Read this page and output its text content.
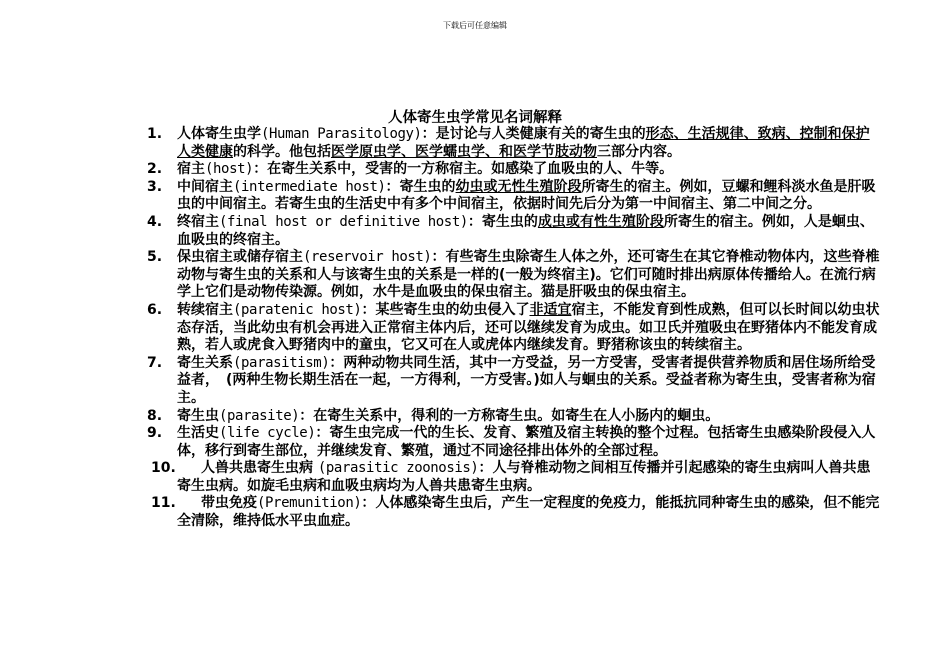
下载后可任意编辑
人体寄生虫学常见名词解释
1.	人体寄生虫学(Human Parasitology)：是讨论与人类健康有关的寄生虫的形态、生活规律、致病、控制和保护人类健康的科学。他包括医学原虫学、医学蠕虫学、和医学节肢动物三部分内容。
2.	宿主(host)：在寄生关系中，受害的一方称宿主。如感染了血吸虫的人、牛等。
3.	中间宿主(intermediate host)：寄生虫的幼虫或无性生殖阶段所寄生的宿主。例如，豆螺和鲤科淡水鱼是肝吸虫的中间宿主。若寄生虫的生活史中有多个中间宿主，依据时间先后分为第一中间宿主、第二中间之分。
4.	终宿主(final host or definitive host)：寄生虫的成虫或有性生殖阶段所寄生的宿主。例如，人是蛔虫、血吸虫的终宿主。
5.	保虫宿主或储存宿主(reservoir host)：有些寄生虫除寄生人体之外，还可寄生在其它脊椎动物体内，这些脊椎动物与寄生虫的关系和人与该寄生虫的关系是一样的(一般为终宿主)。它们可随时排出病原体传播给人。在流行病学上它们是动物传染源。例如，水牛是血吸虫的保虫宿主。猫是肝吸虫的保虫宿主。
6.	转续宿主(paratenic host)：某些寄生虫的幼虫侵入了非适宜宿主，不能发育到性成熟，但可以长时间以幼虫状态存活，当此幼虫有机会再进入正常宿主体内后，还可以继续发育为成虫。如卫氏并殖吸虫在野猪体内不能发育成熟，若人或虎食入野猪肉中的童虫，它又可在人或虎体内继续发育。野猪称该虫的转续宿主。
7.	寄生关系(parasitism)：两种动物共同生活，其中一方受益，另一方受害，受害者提供营养物质和居住场所给受益者，　(两种生物长期生活在一起，一方得利，一方受害。)如人与蛔虫的关系。受益者称为寄生虫，受害者称为宿主。
8.	寄生虫(parasite)：在寄生关系中，得利的一方称寄生虫。如寄生在人小肠内的蛔虫。
9.	生活史(life cycle)：寄生虫完成一代的生长、发育、繁殖及宿主转换的整个过程。包括寄生虫感染阶段侵入人体，移行到寄生部位，并继续发育、繁殖，通过不同途径排出体外的全部过程。
10. 人兽共患寄生虫病 (parasitic zoonosis)：人与脊椎动物之间相互传播并引起感染的寄生虫病叫人兽共患寄生虫病。如旋毛虫病和血吸虫病均为人兽共患寄生虫病。
11. 带虫免疫(Premunition)：人体感染寄生虫后，产生一定程度的免疫力，能抵抗同种寄生虫的感染，但不能完全清除，维持低水平虫血症。
